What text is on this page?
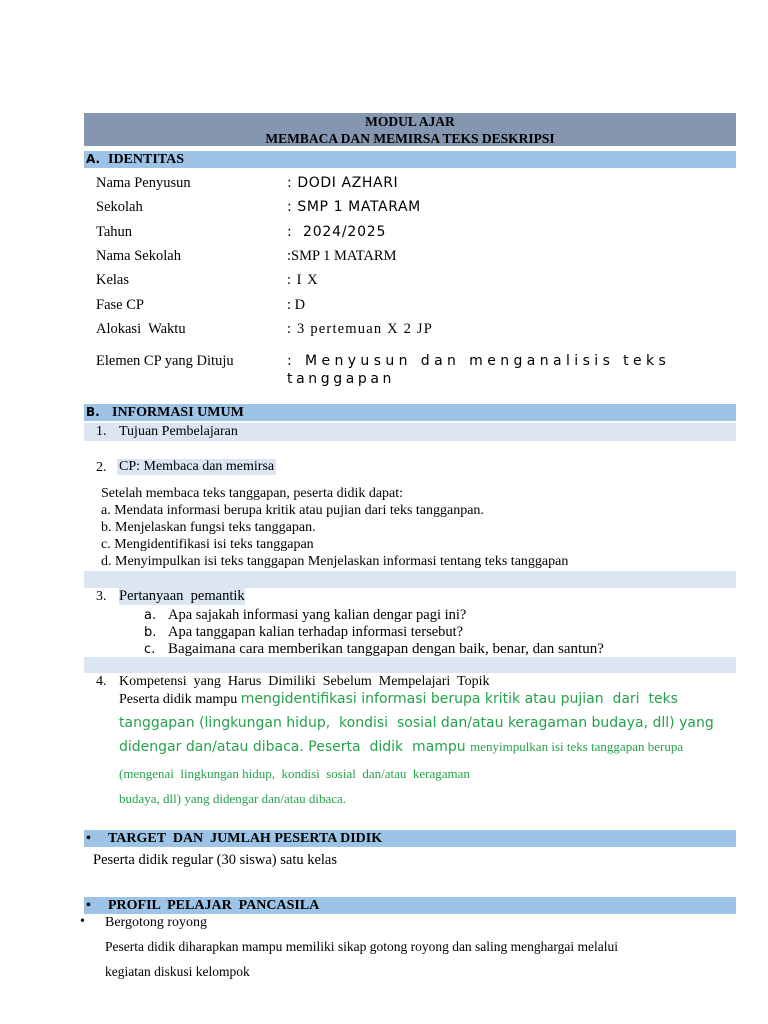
MODUL AJAR
MEMBACA DAN MEMIRSA TEKS DESKRIPSI
A. IDENTITAS
Nama Penyusun	: DODI AZHARI
Sekolah	: SMP 1 MATARAM
Tahun	:  2024/2025
Nama Sekolah	:SMP 1 MATARM
Kelas	: I X
Fase CP	: D
Alokasi  Waktu	: 3 pertemuan X 2 JP
Elemen CP yang Dituju	: Menyusun dan menganalisis teks
tanggapan
B. INFORMASI UMUM
1. Tujuan Pembelajaran
2. CP: Membaca dan memirsa
Setelah membaca teks tanggapan, peserta didik dapat:
a. Mendata informasi berupa kritik atau pujian dari teks tangganpan.
b. Menjelaskan fungsi teks tanggapan.
c. Mengidentifikasi isi teks tanggapan
d. Menyimpulkan isi teks tanggapan Menjelaskan informasi tentang teks tanggapan
3. Pertanyaan  pemantik
a. Apa sajakah informasi yang kalian dengar pagi ini?
b. Apa tanggapan kalian terhadap informasi tersebut?
c. Bagaimana cara memberikan tanggapan dengan baik, benar, dan santun?
4. Kompetensi  yang  Harus  Dimiliki  Sebelum  Mempelajari  Topik
Peserta didik mampu mengidentifikasi informasi berupa kritik atau pujian  dari  teks
tanggapan (lingkungan hidup,  kondisi  sosial dan/atau keragaman budaya, dll) yang
didengar dan/atau dibaca. Peserta  didik  mampu menyimpulkan isi teks tanggapan berupa
(mengenai  lingkungan hidup,  kondisi  sosial  dan/atau  keragaman
budaya, dll) yang didengar dan/atau dibaca.
• TARGET  DAN  JUMLAH PESERTA DIDIK
Peserta didik regular (30 siswa) satu kelas
• PROFIL  PELAJAR  PANCASILA
• Bergotong royong
Peserta didik diharapkan mampu memiliki sikap gotong royong dan saling menghargai melalui
kegiatan diskusi kelompok
